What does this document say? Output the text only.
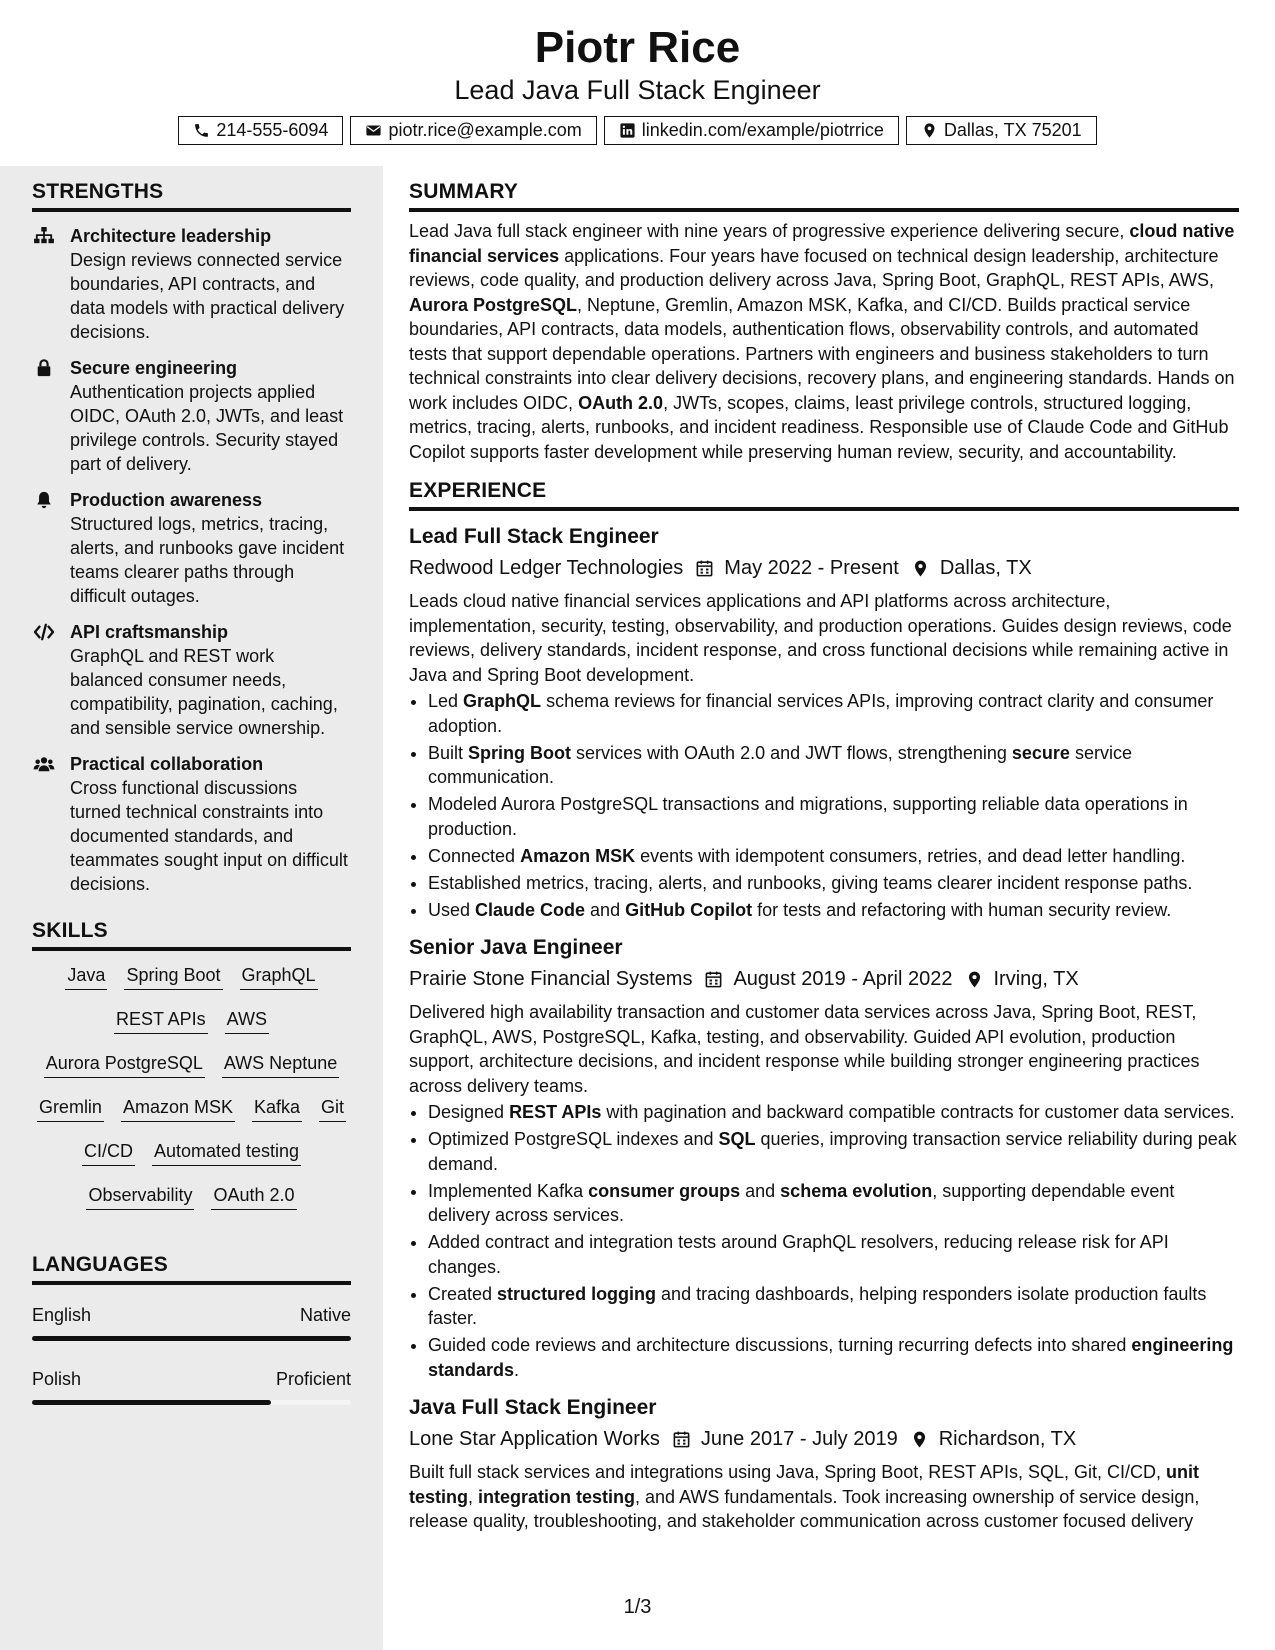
Piotr Rice
Lead Java Full Stack Engineer
214-555-6094	piotr.rice@example.com	linkedin.com/example/piotrrice	Dallas, TX 75201
STRENGTHS
Architecture leadership
Design reviews connected service boundaries, API contracts, and data models with practical delivery decisions.
Secure engineering
Authentication projects applied OIDC, OAuth 2.0, JWTs, and least privilege controls. Security stayed part of delivery.
Production awareness
Structured logs, metrics, tracing, alerts, and runbooks gave incident teams clearer paths through difficult outages.
API craftsmanship
GraphQL and REST work balanced consumer needs, compatibility, pagination, caching, and sensible service ownership.
Practical collaboration
Cross functional discussions turned technical constraints into documented standards, and teammates sought input on difficult decisions.
SKILLS
Java Spring Boot GraphQL
REST APIs AWS
Aurora PostgreSQL AWS Neptune
Gremlin Amazon MSK Kafka Git
CI/CD Automated testing
Observability OAuth 2.0
LANGUAGES
English	Native
Polish	Proficient
SUMMARY
Lead Java full stack engineer with nine years of progressive experience delivering secure, cloud native financial services applications. Four years have focused on technical design leadership, architecture reviews, code quality, and production delivery across Java, Spring Boot, GraphQL, REST APIs, AWS, Aurora PostgreSQL, Neptune, Gremlin, Amazon MSK, Kafka, and CI/CD. Builds practical service boundaries, API contracts, data models, authentication flows, observability controls, and automated tests that support dependable operations. Partners with engineers and business stakeholders to turn technical constraints into clear delivery decisions, recovery plans, and engineering standards. Hands on work includes OIDC, OAuth 2.0, JWTs, scopes, claims, least privilege controls, structured logging, metrics, tracing, alerts, runbooks, and incident readiness. Responsible use of Claude Code and GitHub Copilot supports faster development while preserving human review, security, and accountability.
EXPERIENCE
Lead Full Stack Engineer
Redwood Ledger Technologies May 2022 - Present Dallas, TX
Leads cloud native financial services applications and API platforms across architecture, implementation, security, testing, observability, and production operations. Guides design reviews, code reviews, delivery standards, incident response, and cross functional decisions while remaining active in Java and Spring Boot development.
• Led GraphQL schema reviews for financial services APIs, improving contract clarity and consumer adoption.
• Built Spring Boot services with OAuth 2.0 and JWT flows, strengthening secure service communication.
• Modeled Aurora PostgreSQL transactions and migrations, supporting reliable data operations in production.
• Connected Amazon MSK events with idempotent consumers, retries, and dead letter handling.
• Established metrics, tracing, alerts, and runbooks, giving teams clearer incident response paths.
• Used Claude Code and GitHub Copilot for tests and refactoring with human security review.
Senior Java Engineer
Prairie Stone Financial Systems August 2019 - April 2022 Irving, TX
Delivered high availability transaction and customer data services across Java, Spring Boot, REST, GraphQL, AWS, PostgreSQL, Kafka, testing, and observability. Guided API evolution, production support, architecture decisions, and incident response while building stronger engineering practices across delivery teams.
• Designed REST APIs with pagination and backward compatible contracts for customer data services.
• Optimized PostgreSQL indexes and SQL queries, improving transaction service reliability during peak demand.
• Implemented Kafka consumer groups and schema evolution, supporting dependable event delivery across services.
• Added contract and integration tests around GraphQL resolvers, reducing release risk for API changes.
• Created structured logging and tracing dashboards, helping responders isolate production faults faster.
• Guided code reviews and architecture discussions, turning recurring defects into shared engineering standards.
Java Full Stack Engineer
Lone Star Application Works June 2017 - July 2019 Richardson, TX
Built full stack services and integrations using Java, Spring Boot, REST APIs, SQL, Git, CI/CD, unit testing, integration testing, and AWS fundamentals. Took increasing ownership of service design, release quality, troubleshooting, and stakeholder communication across customer focused delivery
1/3
